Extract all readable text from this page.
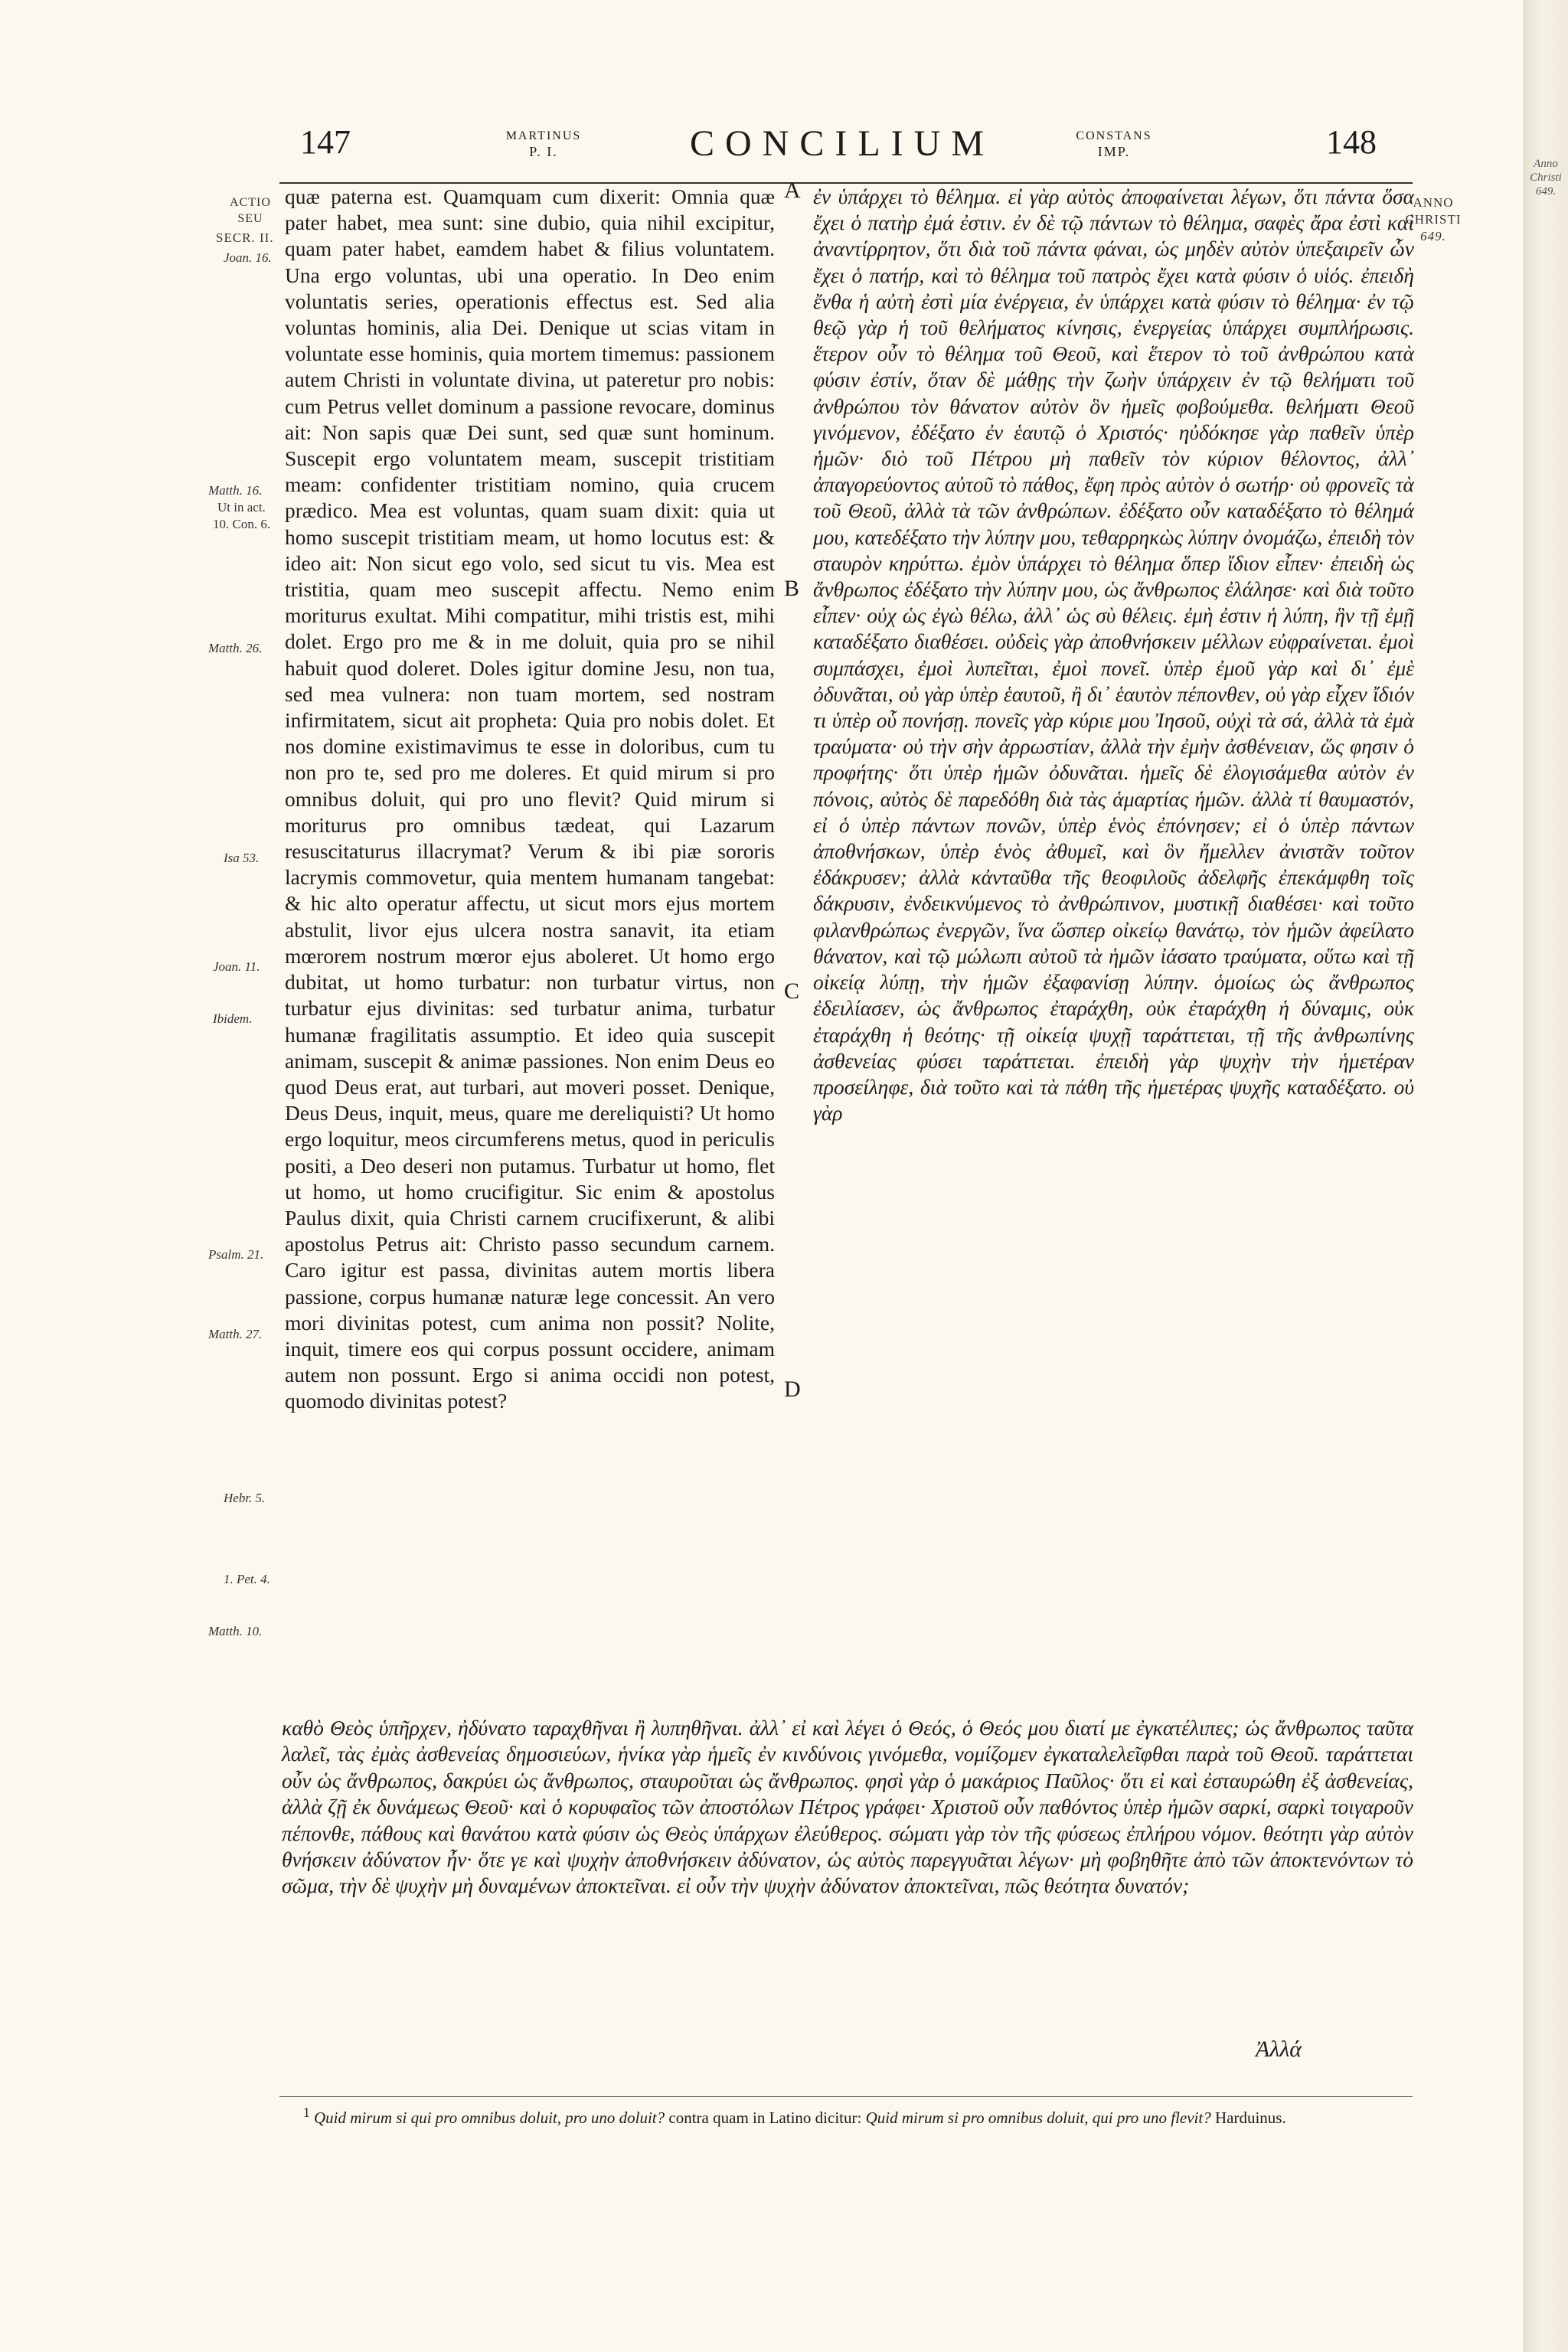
Anno
Christi
649.
147	MARTINUS
P. I.	CONCILIUM	CONSTANS
IMP.	148
ACTIO
SEU
SECR. II.
Joan. 16.
Matth. 16.
Ut in act.
10. Con. 6.
Matth. 26.
Isa 53.
Joan. 11.
Ibidem.
Psalm. 21.
Matth. 27.
Hebr. 5.
1. Pet. 4.
Matth. 10.
ANNO
CHRISTI
649.
A
B
C
D
quæ paterna est. Quamquam cum dixerit: Omnia quæ pater habet, mea sunt: sine dubio, quia nihil excipitur, quam pater habet, eamdem habet & filius voluntatem. Una ergo voluntas, ubi una operatio. In Deo enim voluntatis series, operationis effectus est. Sed alia voluntas hominis, alia Dei. Denique ut scias vitam in voluntate esse hominis, quia mortem timemus: passionem autem Christi in voluntate divina, ut pateretur pro nobis: cum Petrus vellet dominum a passione revocare, dominus ait: Non sapis quæ Dei sunt, sed quæ sunt hominum. Suscepit ergo voluntatem meam, suscepit tristitiam meam: confidenter tristitiam nomino, quia crucem prædico. Mea est voluntas, quam suam dixit: quia ut homo suscepit tristitiam meam, ut homo locutus est: & ideo ait: Non sicut ego volo, sed sicut tu vis. Mea est tristitia, quam meo suscepit affectu. Nemo enim moriturus exultat. Mihi compatitur, mihi tristis est, mihi dolet. Ergo pro me & in me doluit, quia pro se nihil habuit quod doleret. Doles igitur domine Jesu, non tua, sed mea vulnera: non tuam mortem, sed nostram infirmitatem, sicut ait propheta: Quia pro nobis dolet. Et nos domine existimavimus te esse in doloribus, cum tu non pro te, sed pro me doleres. Et quid mirum si pro omnibus doluit, qui pro uno flevit? Quid mirum si moriturus pro omnibus tædeat, qui Lazarum resuscitaturus illacrymat? Verum & ibi piæ sororis lacrymis commovetur, quia mentem humanam tangebat: & hic alto operatur affectu, ut sicut mors ejus mortem abstulit, livor ejus ulcera nostra sanavit, ita etiam mœrorem nostrum mœror ejus aboleret. Ut homo ergo dubitat, ut homo turbatur: non turbatur virtus, non turbatur ejus divinitas: sed turbatur anima, turbatur humanæ fragilitatis assumptio. Et ideo quia suscepit animam, suscepit & animæ passiones. Non enim Deus eo quod Deus erat, aut turbari, aut moveri posset. Denique, Deus Deus, inquit, meus, quare me dereliquisti? Ut homo ergo loquitur, meos circumferens metus, quod in periculis positi, a Deo deseri non putamus. Turbatur ut homo, flet ut homo, ut homo crucifigitur. Sic enim & apostolus Paulus dixit, quia Christi carnem crucifixerunt, & alibi apostolus Petrus ait: Christo passo secundum carnem. Caro igitur est passa, divinitas autem mortis libera passione, corpus humanæ naturæ lege concessit. An vero mori divinitas potest, cum anima non possit? Nolite, inquit, timere eos qui corpus possunt occidere, animam autem non possunt. Ergo si anima occidi non potest, quomodo divinitas potest?
ἐν ὑπάρχει τὸ θέλημα. εἰ γὰρ αὐτὸς ἀποφαίνεται λέγων, ὅτι πάντα ὅσα ἔχει ὁ πατὴρ ἐμά ἐστιν. ἐν δὲ τῷ πάντων τὸ θέλημα, σαφὲς ἄρα ἐστὶ καὶ ἀναντίρρητον, ὅτι διὰ τοῦ πάντα φάναι, ὡς μηδὲν αὐτὸν ὑπεξαιρεῖν ὧν ἔχει ὁ πατήρ, καὶ τὸ θέλημα τοῦ πατρὸς ἔχει κατὰ φύσιν ὁ υἱός. ἐπειδὴ ἔνθα ἡ αὐτὴ ἐστὶ μία ἐνέργεια, ἐν ὑπάρχει κατὰ φύσιν τὸ θέλημα· ἐν τῷ θεῷ γὰρ ἡ τοῦ θελήματος κίνησις, ἐνεργείας ὑπάρχει συμπλήρωσις. ἕτερον οὖν τὸ θέλημα τοῦ Θεοῦ, καὶ ἕτερον τὸ τοῦ ἀνθρώπου κατὰ φύσιν ἐστίν, ὅταν δὲ μάθῃς τὴν ζωὴν ὑπάρχειν ἐν τῷ θελήματι τοῦ ἀνθρώπου τὸν θάνατον αὐτὸν ὃν ἡμεῖς φοβούμεθα. θελήματι Θεοῦ γινόμενον, ἐδέξατο ἐν ἑαυτῷ ὁ Χριστός· ηὐδόκησε γὰρ παθεῖν ὑπὲρ ἡμῶν· διὸ τοῦ Πέτρου μὴ παθεῖν τὸν κύριον θέλοντος, ἀλλ᾽ ἀπαγορεύοντος αὐτοῦ τὸ πάθος, ἔφη πρὸς αὐτὸν ὁ σωτήρ· οὐ φρονεῖς τὰ τοῦ Θεοῦ, ἀλλὰ τὰ τῶν ἀνθρώπων. ἐδέξατο οὖν καταδέξατο τὸ θέλημά μου, κατεδέξατο τὴν λύπην μου, τεθαρρηκὼς λύπην ὀνομάζω, ἐπειδὴ τὸν σταυρὸν κηρύττω. ἐμὸν ὑπάρχει τὸ θέλημα ὅπερ ἴδιον εἶπεν· ἐπειδὴ ὡς ἄνθρωπος ἐδέξατο τὴν λύπην μου, ὡς ἄνθρωπος ἐλάλησε· καὶ διὰ τοῦτο εἶπεν· οὐχ ὡς ἐγὼ θέλω, ἀλλ᾽ ὡς σὺ θέλεις. ἐμὴ ἐστιν ἡ λύπη, ἣν τῇ ἐμῇ καταδέξατο διαθέσει. οὐδεὶς γὰρ ἀποθνήσκειν μέλλων εὐφραίνεται. ἐμοὶ συμπάσχει, ἐμοὶ λυπεῖται, ἐμοὶ πονεῖ. ὑπὲρ ἐμοῦ γὰρ καὶ δι᾽ ἐμὲ ὀδυνᾶται, οὐ γὰρ ὑπὲρ ἑαυτοῦ, ἢ δι᾽ ἑαυτὸν πέπονθεν, οὐ γὰρ εἶχεν ἴδιόν τι ὑπὲρ οὗ πονήσῃ. πονεῖς γὰρ κύριε μου Ἰησοῦ, οὐχὶ τὰ σά, ἀλλὰ τὰ ἐμὰ τραύματα· οὐ τὴν σὴν ἀρρωστίαν, ἀλλὰ τὴν ἐμὴν ἀσθένειαν, ὥς φησιν ὁ προφήτης· ὅτι ὑπὲρ ἡμῶν ὀδυνᾶται. ἡμεῖς δὲ ἐλογισάμεθα αὐτὸν ἐν πόνοις, αὐτὸς δὲ παρεδόθη διὰ τὰς ἁμαρτίας ἡμῶν. ἀλλὰ τί θαυμαστόν, εἰ ὁ ὑπὲρ πάντων πονῶν, ὑπὲρ ἑνὸς ἐπόνησεν; εἰ ὁ ὑπὲρ πάντων ἀποθνήσκων, ὑπὲρ ἑνὸς ἀθυμεῖ, καὶ ὃν ἤμελλεν ἀνιστᾶν τοῦτον ἐδάκρυσεν; ἀλλὰ κἀνταῦθα τῆς θεοφιλοῦς ἀδελφῆς ἐπεκάμφθη τοῖς δάκρυσιν, ἐνδεικνύμενος τὸ ἀνθρώπινον, μυστικῇ διαθέσει· καὶ τοῦτο φιλανθρώπως ἐνεργῶν, ἵνα ὥσπερ οἰκείῳ θανάτῳ, τὸν ἡμῶν ἀφείλατο θάνατον, καὶ τῷ μώλωπι αὐτοῦ τὰ ἡμῶν ἰάσατο τραύματα, οὕτω καὶ τῇ οἰκείᾳ λύπῃ, τὴν ἡμῶν ἐξαφανίσῃ λύπην. ὁμοίως ὡς ἄνθρωπος ἐδειλίασεν, ὡς ἄνθρωπος ἐταράχθη, οὐκ ἐταράχθη ἡ δύναμις, οὐκ ἐταράχθη ἡ θεότης· τῇ οἰκείᾳ ψυχῇ ταράττεται, τῇ τῆς ἀνθρωπίνης ἀσθενείας φύσει ταράττεται. ἐπειδὴ γὰρ ψυχὴν τὴν ἡμετέραν προσείληφε, διὰ τοῦτο καὶ τὰ πάθη τῆς ἡμετέρας ψυχῆς καταδέξατο. οὐ γὰρ
καθὸ Θεὸς ὑπῆρχεν, ἠδύνατο ταραχθῆναι ἢ λυπηθῆναι. ἀλλ᾽ εἰ καὶ λέγει ὁ Θεός, ὁ Θεός μου διατί με ἐγκατέλιπες; ὡς ἄνθρωπος ταῦτα λαλεῖ, τὰς ἐμὰς ἀσθενείας δημοσιεύων, ἡνίκα γὰρ ἡμεῖς ἐν κινδύνοις γινόμεθα, νομίζομεν ἐγκαταλελεῖφθαι παρὰ τοῦ Θεοῦ. ταράττεται οὖν ὡς ἄνθρωπος, δακρύει ὡς ἄνθρωπος, σταυροῦται ὡς ἄνθρωπος. φησὶ γὰρ ὁ μακάριος Παῦλος· ὅτι εἰ καὶ ἐσταυρώθη ἐξ ἀσθενείας, ἀλλὰ ζῇ ἐκ δυνάμεως Θεοῦ· καὶ ὁ κορυφαῖος τῶν ἀποστόλων Πέτρος γράφει· Χριστοῦ οὖν παθόντος ὑπὲρ ἡμῶν σαρκί, σαρκὶ τοιγαροῦν πέπονθε, πάθους καὶ θανάτου κατὰ φύσιν ὡς Θεὸς ὑπάρχων ἐλεύθερος. σώματι γὰρ τὸν τῆς φύσεως ἐπλήρου νόμον. θεότητι γὰρ αὐτὸν θνήσκειν ἀδύνατον ἦν· ὅτε γε καὶ ψυχὴν ἀποθνήσκειν ἀδύνατον, ὡς αὐτὸς παρεγγυᾶται λέγων· μὴ φοβηθῆτε ἀπὸ τῶν ἀποκτενόντων τὸ σῶμα, τὴν δὲ ψυχὴν μὴ δυναμένων ἀποκτεῖναι. εἰ οὖν τὴν ψυχὴν ἀδύνατον ἀποκτεῖναι, πῶς θεότητα δυνατόν;
Ἀλλά
$^1$ Quid mirum si qui pro omnibus doluit, pro uno doluit? contra quam in Latino dicitur: Quid mirum si pro omnibus doluit, qui pro uno flevit? Harduinus.
